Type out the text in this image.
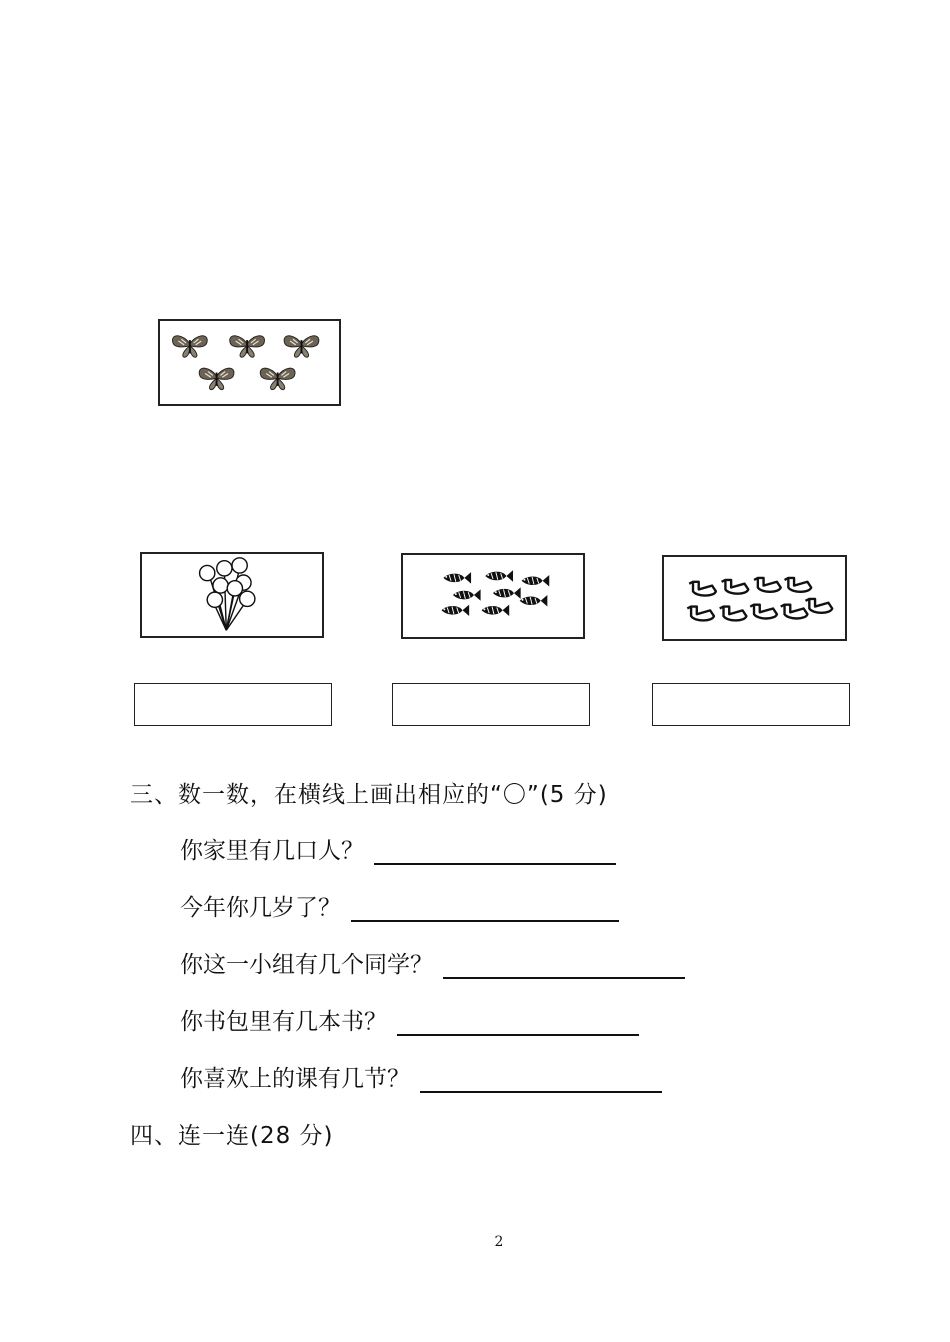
三、数一数，在横线上画出相应的“〇”(5 分)
你家里有几口人？
今年你几岁了？
你这一小组有几个同学？
你书包里有几本书？
你喜欢上的课有几节？
四、连一连(28 分)
2
